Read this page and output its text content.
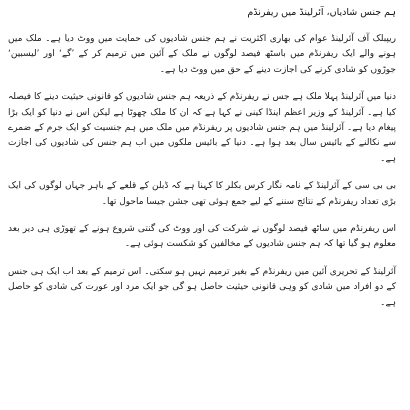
ہم جنس شادیاں، آئرلینڈ میں ریفرنڈم

ریپبلک آف آئرلینڈ عوام کی بھاری اکثریت نے ہم جنس شادیوں کی حمایت میں ووٹ دیا ہے۔ ملک میں ہونے والے ایک ریفرنڈم میں باسٹھ فیصد لوگوں نے ملک کے آئین میں ترمیم کر کے ’گے‘ اور ’لیسبین‘ جوڑوں کو شادی کرنے کی اجازت دینے کے حق میں ووٹ دیا ہے۔

دنیا میں آئرلینڈ پہلا ملک ہے جس نے ریفرنڈم کے ذریعہ ہم جنس شادیوں کو قانونی حیثیت دینے کا فیصلہ کیا ہے۔ آئرلینڈ کے وزیر اعظم اینڈا کینی نے کہا ہے کہ ان کا ملک چھوٹا ہے لیکن اس نے دنیا کو ایک بڑا پیغام دیا ہے۔ آئرلینڈ میں ہم جنس شادیوں پر ریفرنڈم میں ملک میں ہم جنسیت کو ایک جرم کے ضمرے سے نکالنے کے بائیس سال بعد ہوا ہے۔ دنیا کے بائیس ملکوں میں اب ہم جنس کی شادیوں کی اجازت ہے۔

بی بی سی کے آئرلینڈ کے نامہ نگار کرس بکلر کا کہنا ہے کہ ڈبلن کے قلعے کے باہر جہاں لوگوں کی ایک بڑی تعداد ریفرنڈم کے نتائج سننے کے لیے جمع ہوئی تھی جشن جیسا ماحول تھا۔

اس ریفرنڈم میں ساٹھ فیصد لوگوں نے شرکت کی اور ووٹ کی گنتی شروع ہونے کے تھوڑی ہی دیر بعد معلوم ہو گیا تھا کہ ہم جنس شادیوں کے مخالفین کو شکست ہوئی ہے۔

آئرلینڈ کے تحریری آئین میں ریفرنڈم کے بغیر ترمیم نہیں ہو سکتی۔ اس ترمیم کے بعد اب ایک ہی جنس کے دو افراد میں شادی کو وہی قانونی حیثیت حاصل ہو گی جو ایک مرد اور عورت کی شادی کو حاصل ہے۔
